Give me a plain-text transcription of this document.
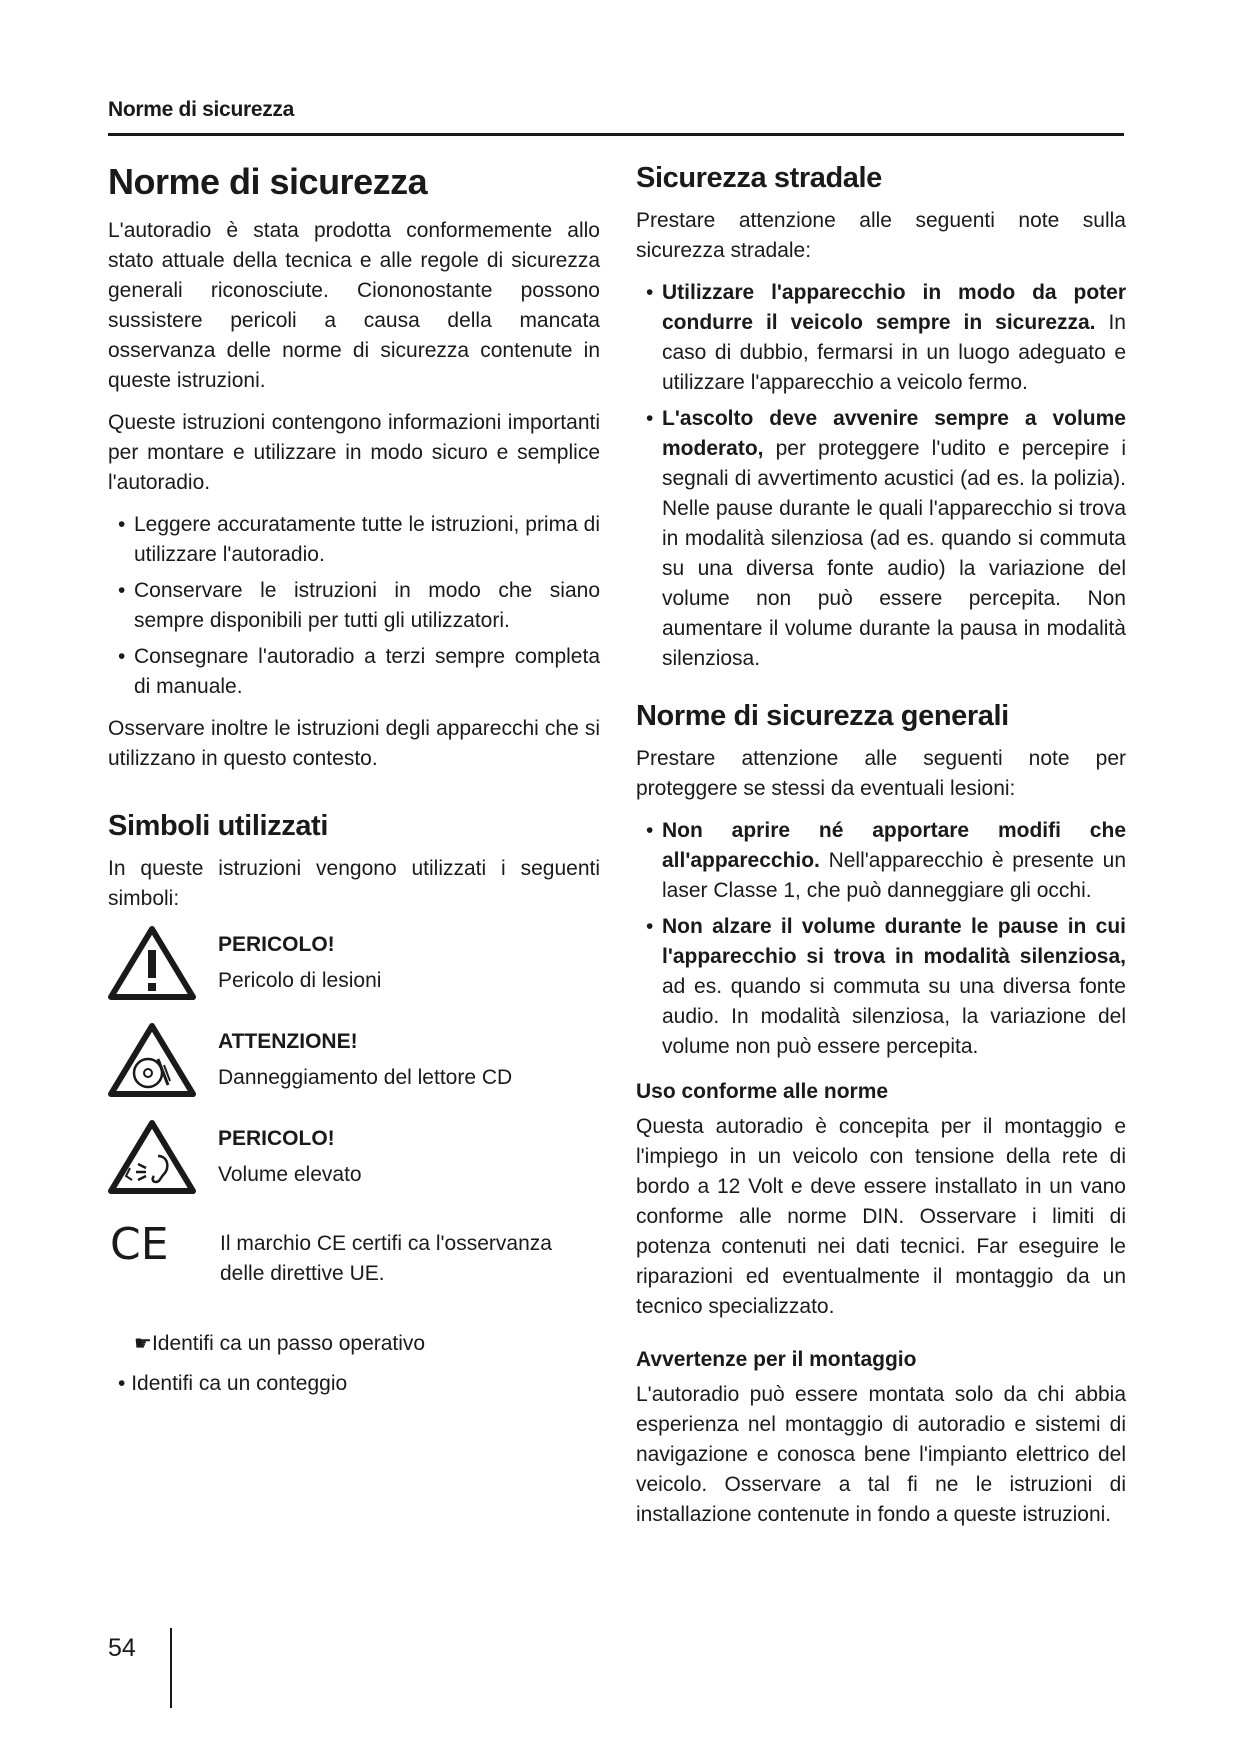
Norme di sicurezza
Norme di sicurezza

L'autoradio è stata prodotta conformemente allo stato attuale della tecnica e alle regole di sicurezza generali riconosciute. Ciononostante possono sussistere pericoli a causa della mancata osservanza delle norme di sicurezza contenute in queste istruzioni.

Queste istruzioni contengono informazioni importanti per montare e utilizzare in modo sicuro e semplice l'autoradio.

• Leggere accuratamente tutte le istruzioni, prima di utilizzare l'autoradio.
• Conservare le istruzioni in modo che siano sempre disponibili per tutti gli utilizzatori.
• Consegnare l'autoradio a terzi sempre completa di manuale.

Osservare inoltre le istruzioni degli apparecchi che si utilizzano in questo contesto.

Simboli utilizzati

In queste istruzioni vengono utilizzati i seguenti simboli:

PERICOLO!
Pericolo di lesioni
ATTENZIONE!
Danneggiamento del lettore CD
PERICOLO!
Volume elevato
CE	Il marchio CE certifi ca l'osservanza delle direttive UE.
☛Identifi ca un passo operativo
• Identifi ca un conteggio
Sicurezza stradale

Prestare attenzione alle seguenti note sulla sicurezza stradale:

• Utilizzare l'apparecchio in modo da poter condurre il veicolo sempre in sicurezza. In caso di dubbio, fermarsi in un luogo adeguato e utilizzare l'apparecchio a veicolo fermo.
• L'ascolto deve avvenire sempre a volume moderato, per proteggere l'udito e percepire i segnali di avvertimento acustici (ad es. la polizia). Nelle pause durante le quali l'apparecchio si trova in modalità silenziosa (ad es. quando si commuta su una diversa fonte audio) la variazione del volume non può essere percepita. Non aumentare il volume durante la pausa in modalità silenziosa.
Norme di sicurezza generali

Prestare attenzione alle seguenti note per proteggere se stessi da eventuali lesioni:

• Non aprire né apportare modifi che all'apparecchio. Nell'apparecchio è presente un laser Classe 1, che può danneggiare gli occhi.
• Non alzare il volume durante le pause in cui l'apparecchio si trova in modalità silenziosa, ad es. quando si commuta su una diversa fonte audio. In modalità silenziosa, la variazione del volume non può essere percepita.
Uso conforme alle norme

Questa autoradio è concepita per il montaggio e l'impiego in un veicolo con tensione della rete di bordo a 12 Volt e deve essere installato in un vano conforme alle norme DIN. Osservare i limiti di potenza contenuti nei dati tecnici. Far eseguire le riparazioni ed eventualmente il montaggio da un tecnico specializzato.

Avvertenze per il montaggio

L'autoradio può essere montata solo da chi abbia esperienza nel montaggio di autoradio e sistemi di navigazione e conosca bene l'impianto elettrico del veicolo. Osservare a tal fi ne le istruzioni di installazione contenute in fondo a queste istruzioni.

54
